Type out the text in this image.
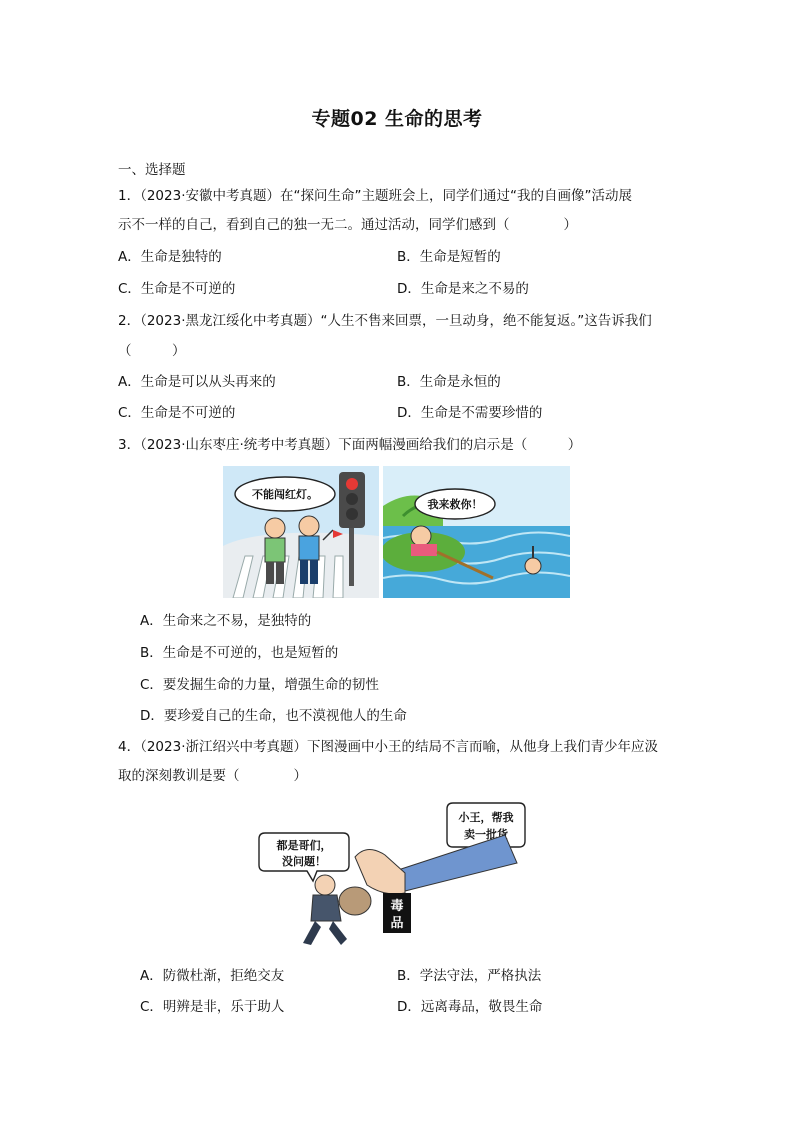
专题02 生命的思考
一、选择题
1．（2023·安徽中考真题）在“探问生命”主题班会上，同学们通过“我的自画像”活动展
示不一样的自己，看到自己的独一无二。通过活动，同学们感到（　　　　）
A．生命是独特的	B．生命是短暂的
C．生命是不可逆的	D．生命是来之不易的
2．（2023·黑龙江绥化中考真题）“人生不售来回票，一旦动身，绝不能复返。”这告诉我们
（　　　）
A．生命是可以从头再来的	B．生命是永恒的
C．生命是不可逆的	D．生命是不需要珍惜的
3．（2023·山东枣庄·统考中考真题）下面两幅漫画给我们的启示是（　　　）
不能闯红灯。
我来救你！
A．生命来之不易，是独特的
B．生命是不可逆的，也是短暂的
C．要发掘生命的力量，增强生命的韧性
D．要珍爱自己的生命，也不漠视他人的生命
4．（2023·浙江绍兴中考真题）下图漫画中小王的结局不言而喻，从他身上我们青少年应汲
取的深刻教训是要（　　　　）
小王，帮我
卖一批货
都是哥们，
没问题！
毒
品
A．防微杜渐，拒绝交友	B．学法守法，严格执法
C．明辨是非，乐于助人	D．远离毒品，敬畏生命
